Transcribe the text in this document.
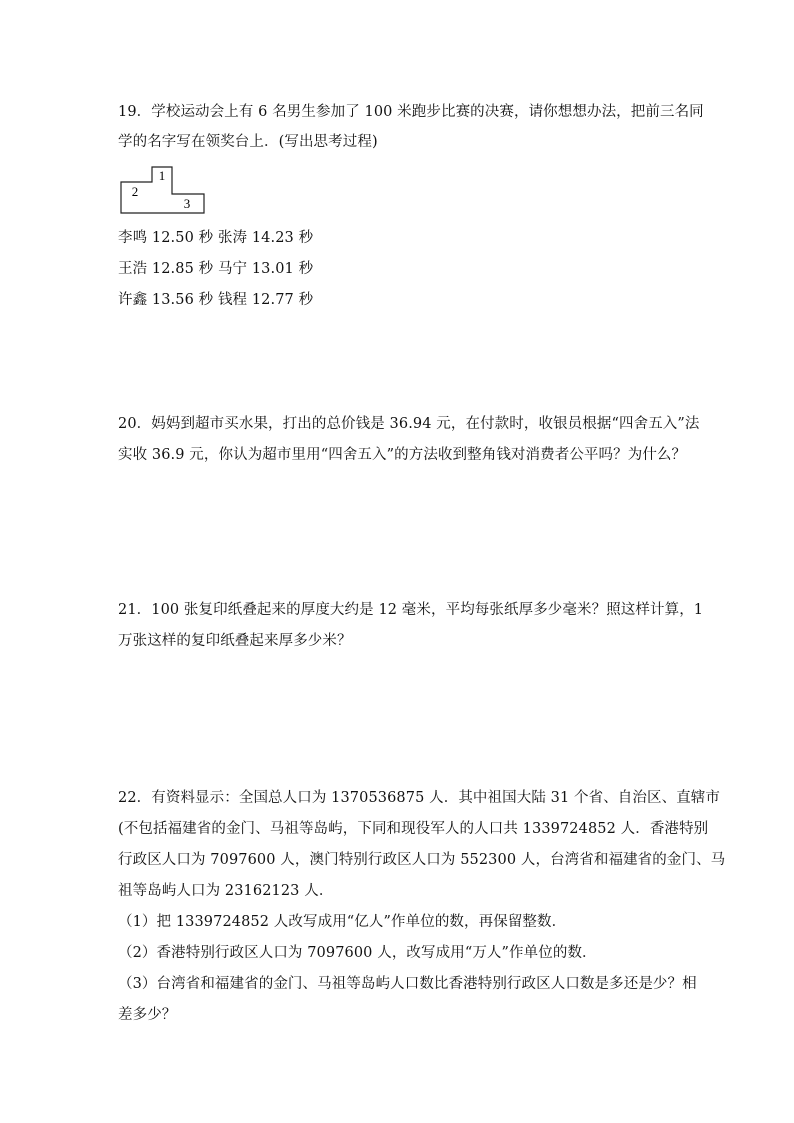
19．学校运动会上有 6 名男生参加了 100 米跑步比赛的决赛，请你想想办法，把前三名同
学的名字写在领奖台上．(写出思考过程)
1
2
3
李鸣 12.50 秒 张涛 14.23 秒
王浩 12.85 秒 马宁 13.01 秒
许鑫 13.56 秒 钱程 12.77 秒
20．妈妈到超市买水果，打出的总价钱是 36.94 元，在付款时，收银员根据“四舍五入”法
实收 36.9 元，你认为超市里用“四舍五入”的方法收到整角钱对消费者公平吗？为什么？
21．100 张复印纸叠起来的厚度大约是 12 毫米，平均每张纸厚多少毫米？照这样计算，1
万张这样的复印纸叠起来厚多少米？
22．有资料显示：全国总人口为 1370536875 人．其中祖国大陆 31 个省、自治区、直辖市
(不包括福建省的金门、马祖等岛屿，下同和现役军人的人口共 1339724852 人．香港特别
行政区人口为 7097600 人，澳门特别行政区人口为 552300 人，台湾省和福建省的金门、马
祖等岛屿人口为 23162123 人．
（1）把 1339724852 人改写成用“亿人”作单位的数，再保留整数．
（2）香港特别行政区人口为 7097600 人，改写成用“万人”作单位的数．
（3）台湾省和福建省的金门、马祖等岛屿人口数比香港特别行政区人口数是多还是少？相
差多少？
